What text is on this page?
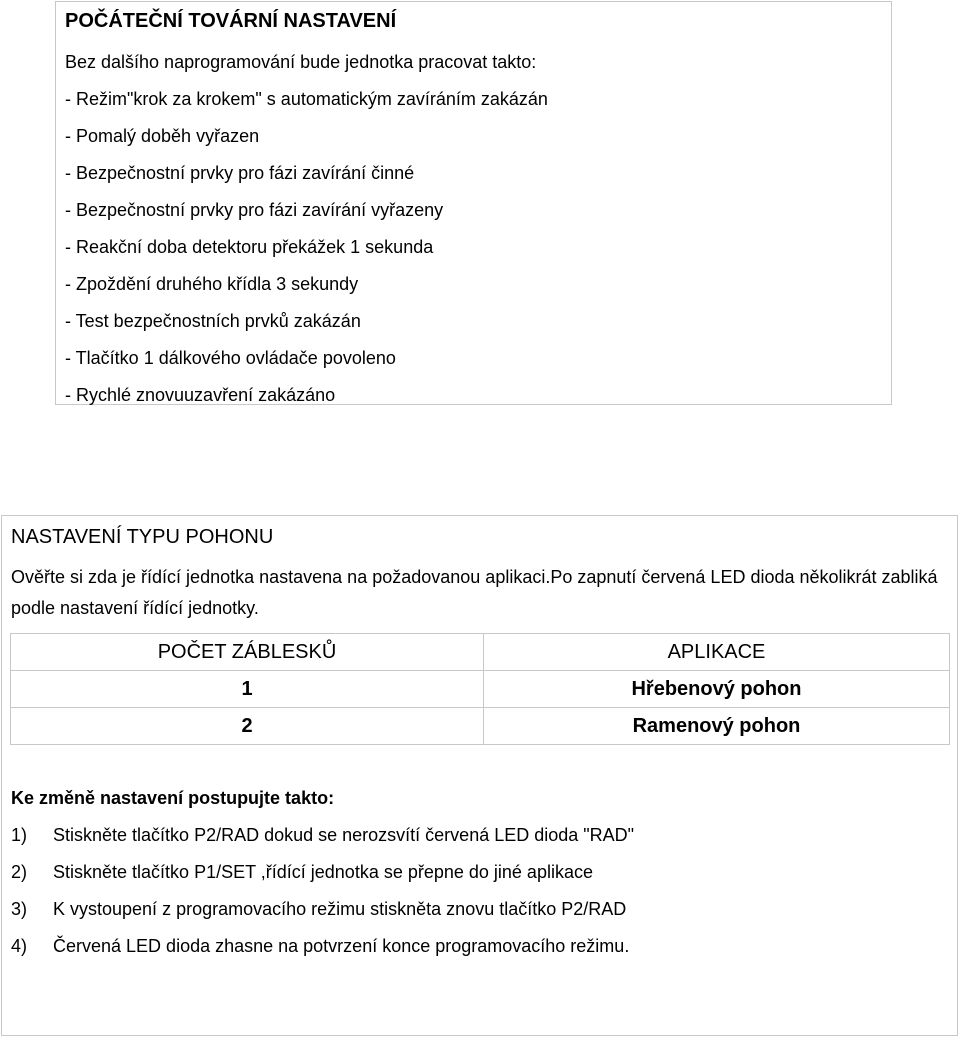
POČÁTEČNÍ TOVÁRNÍ NASTAVENÍ
Bez dalšího naprogramování bude jednotka pracovat takto:
- Režim"krok za krokem" s automatickým zavíráním zakázán
- Pomalý doběh vyřazen
- Bezpečnostní prvky pro fázi zavírání činné
- Bezpečnostní prvky pro fázi zavírání vyřazeny
- Reakční doba detektoru překážek 1 sekunda
- Zpoždění druhého křídla 3 sekundy
- Test bezpečnostních prvků zakázán
- Tlačítko 1 dálkového ovládače povoleno
- Rychlé znovuuzavření zakázáno
NASTAVENÍ TYPU POHONU
Ověřte si zda je řídící jednotka nastavena na požadovanou aplikaci.Po zapnutí červená LED dioda několikrát zabliká podle nastavení řídící jednotky.
POČET ZÁBLESKŮ	APLIKACE
1	Hřebenový pohon
2	Ramenový pohon
Ke změně nastavení postupujte takto:
1) Stiskněte tlačítko P2/RAD dokud se nerozsvítí červená LED dioda "RAD"
2) Stiskněte tlačítko P1/SET ,řídící jednotka se přepne do jiné aplikace
3) K vystoupení z programovacího režimu stiskněta znovu tlačítko P2/RAD
4) Červená LED dioda zhasne na potvrzení konce programovacího režimu.
